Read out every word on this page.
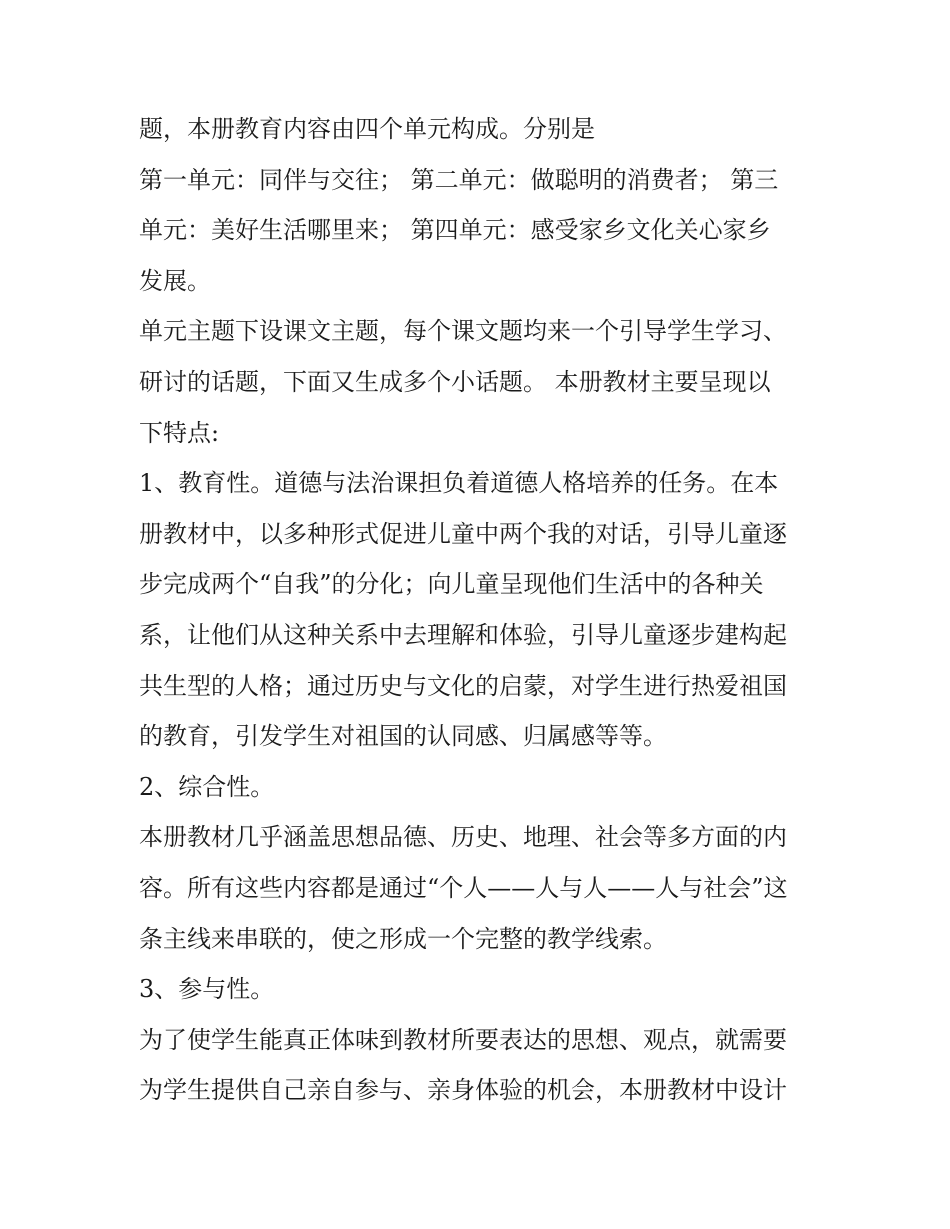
题，本册教育内容由四个单元构成。分别是
第一单元：同伴与交往； 第二单元：做聪明的消费者； 第三
单元：美好生活哪里来； 第四单元：感受家乡文化关心家乡
发展。
单元主题下设课文主题，每个课文题均来一个引导学生学习、
研讨的话题，下面又生成多个小话题。 本册教材主要呈现以
下特点:
1、教育性。道德与法治课担负着道德人格培养的任务。在本
册教材中，以多种形式促进儿童中两个我的对话，引导儿童逐
步完成两个“自我”的分化；向儿童呈现他们生活中的各种关
系，让他们从这种关系中去理解和体验，引导儿童逐步建构起
共生型的人格；通过历史与文化的启蒙，对学生进行热爱祖国
的教育，引发学生对祖国的认同感、归属感等等。
2、综合性。
本册教材几乎涵盖思想品德、历史、地理、社会等多方面的内
容。所有这些内容都是通过“个人——人与人——人与社会”这
条主线来串联的，使之形成一个完整的教学线索。
3、参与性。
为了使学生能真正体味到教材所要表达的思想、观点，就需要
为学生提供自己亲自参与、亲身体验的机会，本册教材中设计
